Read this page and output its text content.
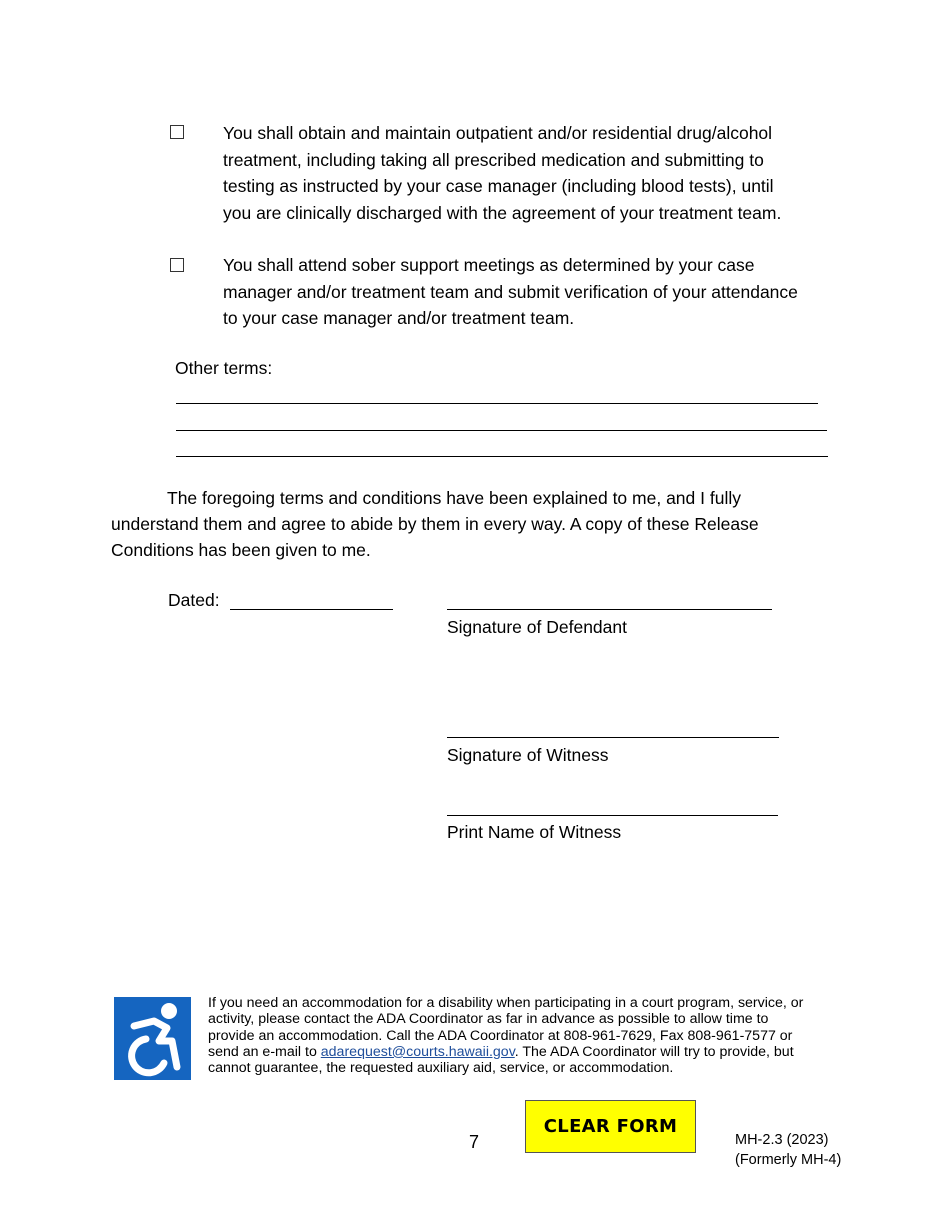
You shall obtain and maintain outpatient and/or residential drug/alcohol
treatment, including taking all prescribed medication and submitting to
testing as instructed by your case manager (including blood tests), until
you are clinically discharged with the agreement of your treatment team.
You shall attend sober support meetings as determined by your case
manager and/or treatment team and submit verification of your attendance
to your case manager and/or treatment team.
Other terms:
The foregoing terms and conditions have been explained to me, and I fully
understand them and agree to abide by them in every way. A copy of these Release
Conditions has been given to me.
Dated:
Signature of Defendant
Signature of Witness
Print Name of Witness
If you need an accommodation for a disability when participating in a court program, service, or activity, please contact the ADA Coordinator as far in advance as possible to allow time to provide an accommodation. Call the ADA Coordinator at 808-961-7629, Fax 808-961-7577 or send an e-mail to adarequest@courts.hawaii.gov. The ADA Coordinator will try to provide, but cannot guarantee, the requested auxiliary aid, service, or accommodation.
7
CLEAR FORM
MH-2.3 (2023)
(Formerly MH-4)
